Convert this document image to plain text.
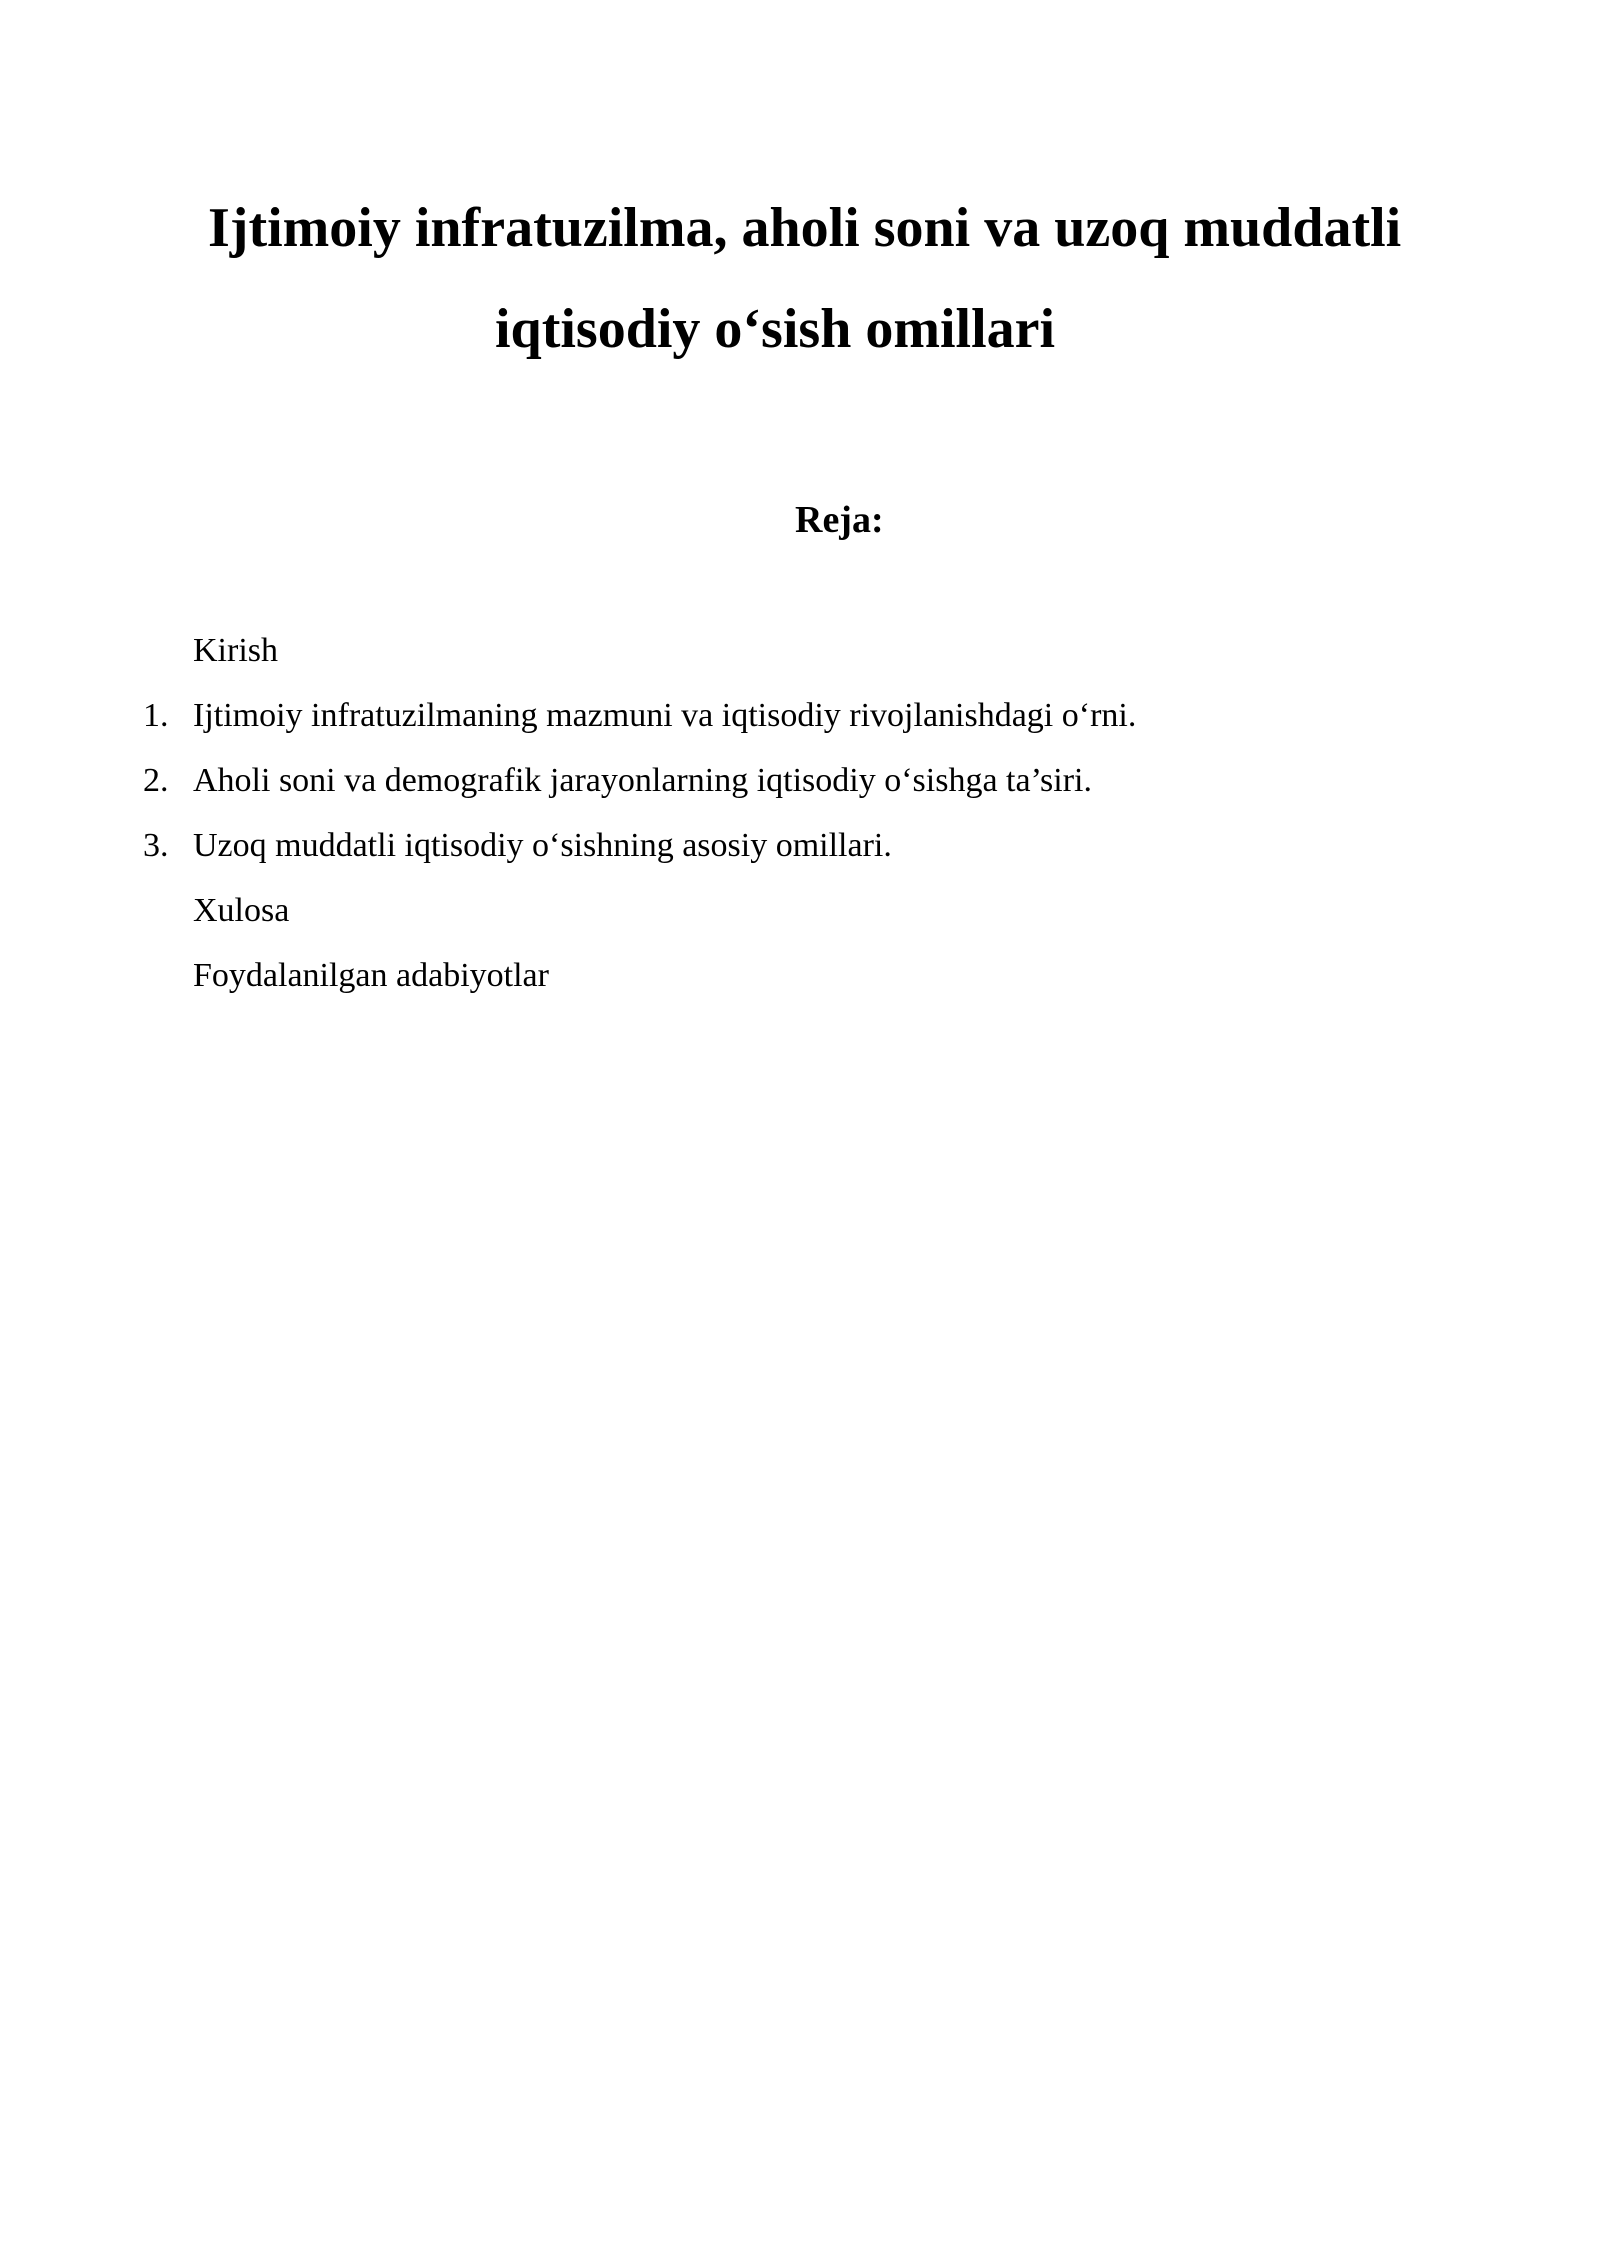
Ijtimoiy infratuzilma, aholi soni va uzoq muddatli
iqtisodiy o‘sish omillari
Reja:
Kirish
1. Ijtimoiy infratuzilmaning mazmuni va iqtisodiy rivojlanishdagi o‘rni.
2. Aholi soni va demografik jarayonlarning iqtisodiy o‘sishga ta’siri.
3. Uzoq muddatli iqtisodiy o‘sishning asosiy omillari.
Xulosa
Foydalanilgan adabiyotlar
